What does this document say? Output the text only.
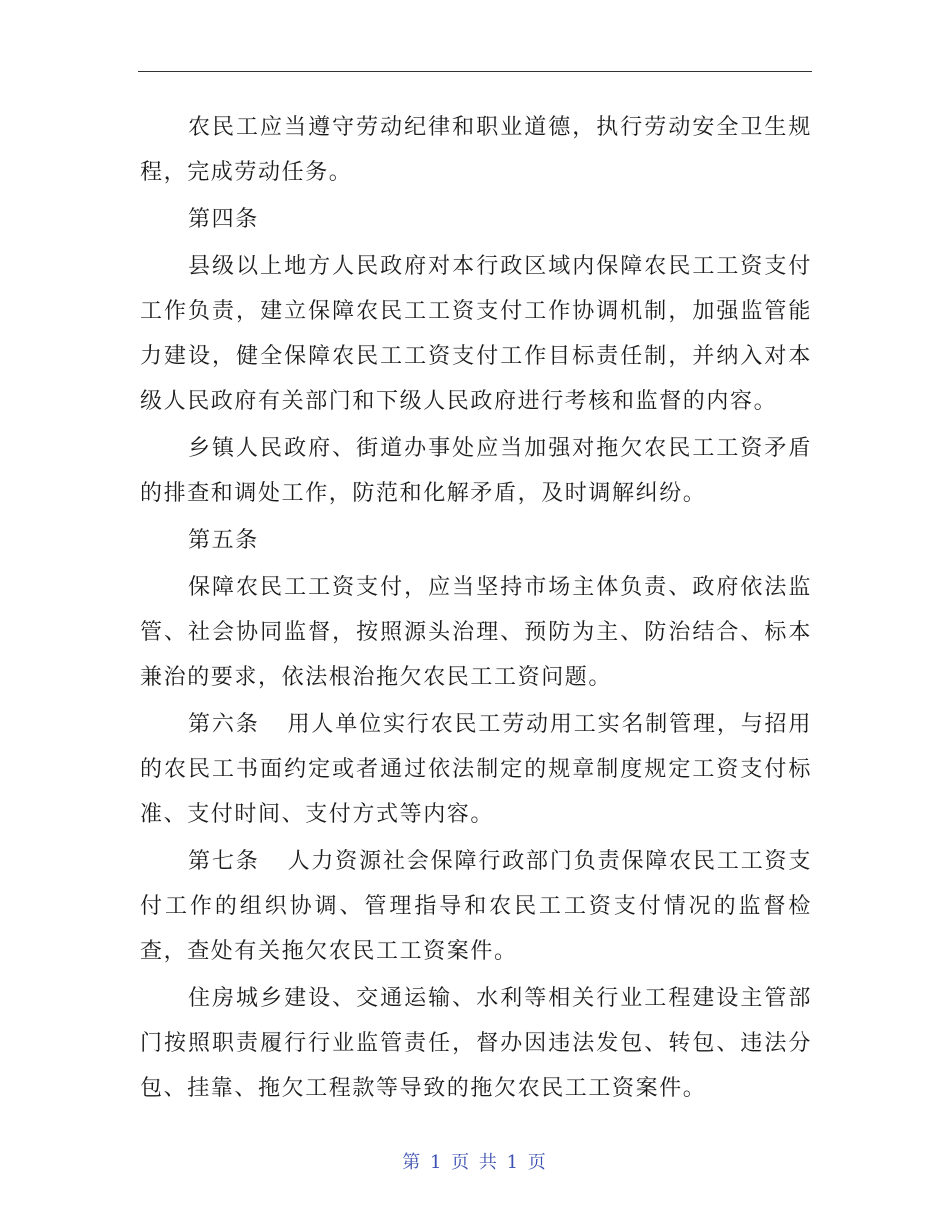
农民工应当遵守劳动纪律和职业道德，执行劳动安全卫生规程，完成劳动任务。

第四条

县级以上地方人民政府对本行政区域内保障农民工工资支付工作负责，建立保障农民工工资支付工作协调机制，加强监管能力建设，健全保障农民工工资支付工作目标责任制，并纳入对本级人民政府有关部门和下级人民政府进行考核和监督的内容。

乡镇人民政府、街道办事处应当加强对拖欠农民工工资矛盾的排查和调处工作，防范和化解矛盾，及时调解纠纷。

第五条

保障农民工工资支付，应当坚持市场主体负责、政府依法监管、社会协同监督，按照源头治理、预防为主、防治结合、标本兼治的要求，依法根治拖欠农民工工资问题。

第六条 用人单位实行农民工劳动用工实名制管理，与招用的农民工书面约定或者通过依法制定的规章制度规定工资支付标准、支付时间、支付方式等内容。

第七条 人力资源社会保障行政部门负责保障农民工工资支付工作的组织协调、管理指导和农民工工资支付情况的监督检查，查处有关拖欠农民工工资案件。

住房城乡建设、交通运输、水利等相关行业工程建设主管部门按照职责履行行业监管责任，督办因违法发包、转包、违法分包、挂靠、拖欠工程款等导致的拖欠农民工工资案件。

第 1 页 共 1 页
